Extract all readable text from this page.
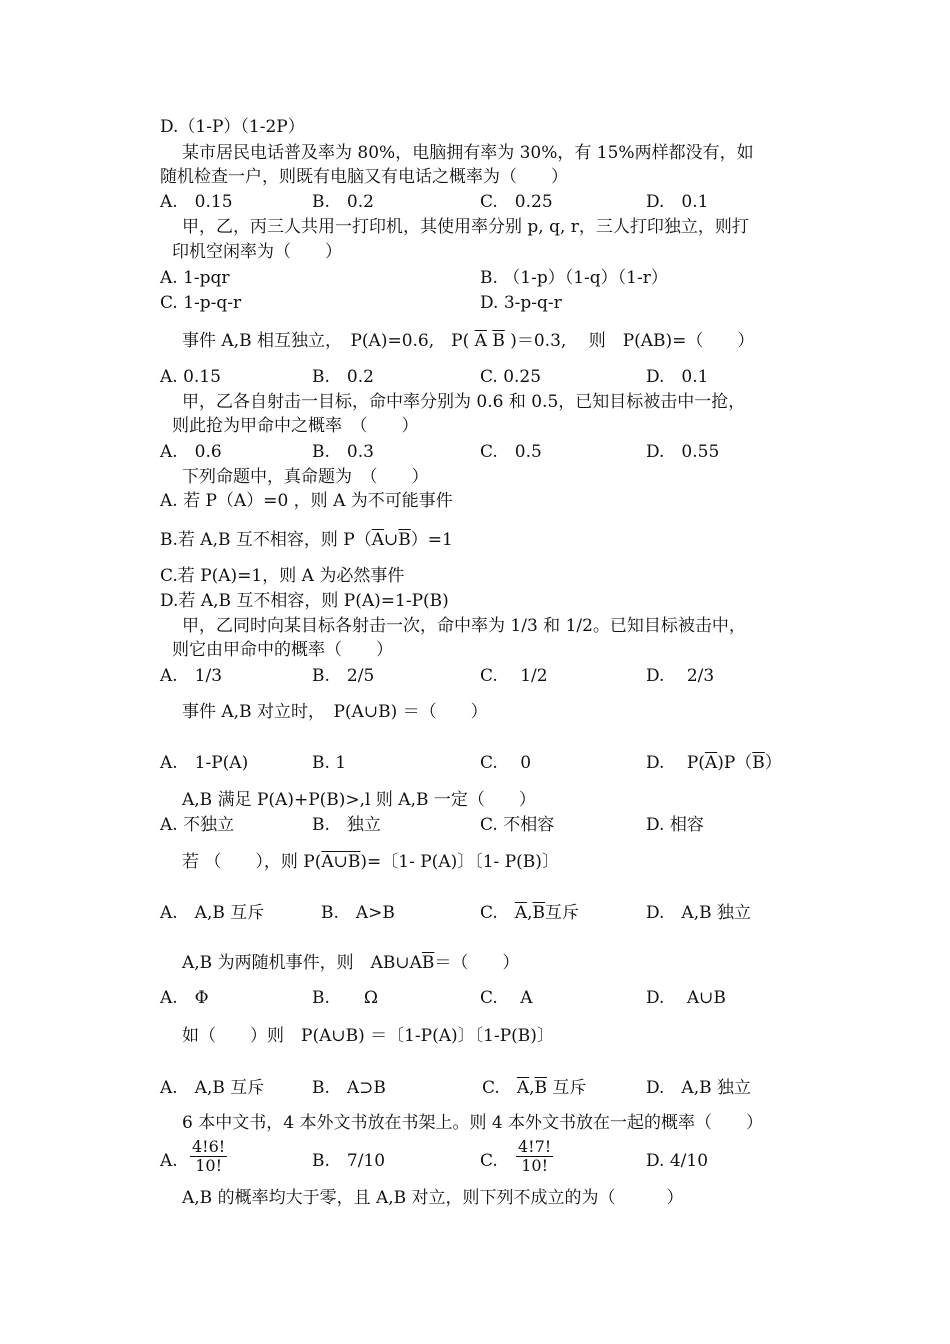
D.（1-P）（1-2P）
某市居民电话普及率为 80%，电脑拥有率为 30%，有 15%两样都没有，如
随机检查一户，则既有电脑又有电话之概率为（　　）
A.　0.15	B.　0.2	C.　0.25	D.　0.1
甲，乙，丙三人共用一打印机，其使用率分别 p, q, r，三人打印独立，则打
印机空闲率为（　　）
A. 1-pqr	B. （1-p）（1-q）（1-r）
C. 1-p-q-r	D. 3-p-q-r
事件 A,B 相互独立，　P(A)=0.6,　P( $\overline{A}$ $\overline{B}$ )＝0.3,　 则　P(AB)=（　　）
A. 0.15	B.　0.2	C. 0.25	D.　0.1
甲，乙各自射击一目标，命中率分别为 0.6 和 0.5，已知目标被击中一抢，
则此抢为甲命中之概率　（　　）
A.　0.6	B.　0.3	C.　0.5	D.　0.55
下列命题中，真命题为　（　　）
A. 若 P（A）=0 ，则 A 为不可能事件
B.若 A,B 互不相容，则 $P(\overline{A}\cup\overline{B})=1$
C.若 P(A)=1，则 A 为必然事件
D.若 A,B 互不相容，则 P(A)=1-P(B)
甲，乙同时向某目标各射击一次，命中率为 1/3 和 1/2。已知目标被击中，
则它由甲命中的概率（　　）
A.　1/3	B.　2/5	C.　 1/2	D.　 2/3
事件 A,B 对立时，　P(A∪B) ＝（　　）
A.　1-P(A)	B. 1	C.　 0	D.　 $P(\overline{A})P(\overline{B})$
A,B 满足 P(A)+P(B)>,l 则 A,B 一定（　　）
A. 不独立	B.　独立	C. 不相容	D. 相容
若 （　　），则 P(A∪B)=〔1- P(A)〕〔1- P(B)〕
A.　A,B 互斥	B.　A>B	C.　$\overline{A},\overline{B}$互斥	D.　A,B 独立
A,B 为两随机事件，则　$AB\cup A\overline{B}=$（　　）
A.　Φ	B.　　Ω	C.　 A	D.　 A∪B
如（　　）则　P(A∪B) ＝〔1-P(A)〕〔1-P(B)〕
A.　A,B 互斥	B.　A⊃B	C.　$\overline{A},\overline{B}$ 互斥	D.　A,B 独立
6 本中文书，4 本外文书放在书架上。则 4 本外文书放在一起的概率（　　）
A. $\frac{4!6!}{10!}$	B.　7/10	C. $\frac{4!7!}{10!}$	D. 4/10
A,B 的概率均大于零，且 A,B 对立，则下列不成立的为（　　　）
